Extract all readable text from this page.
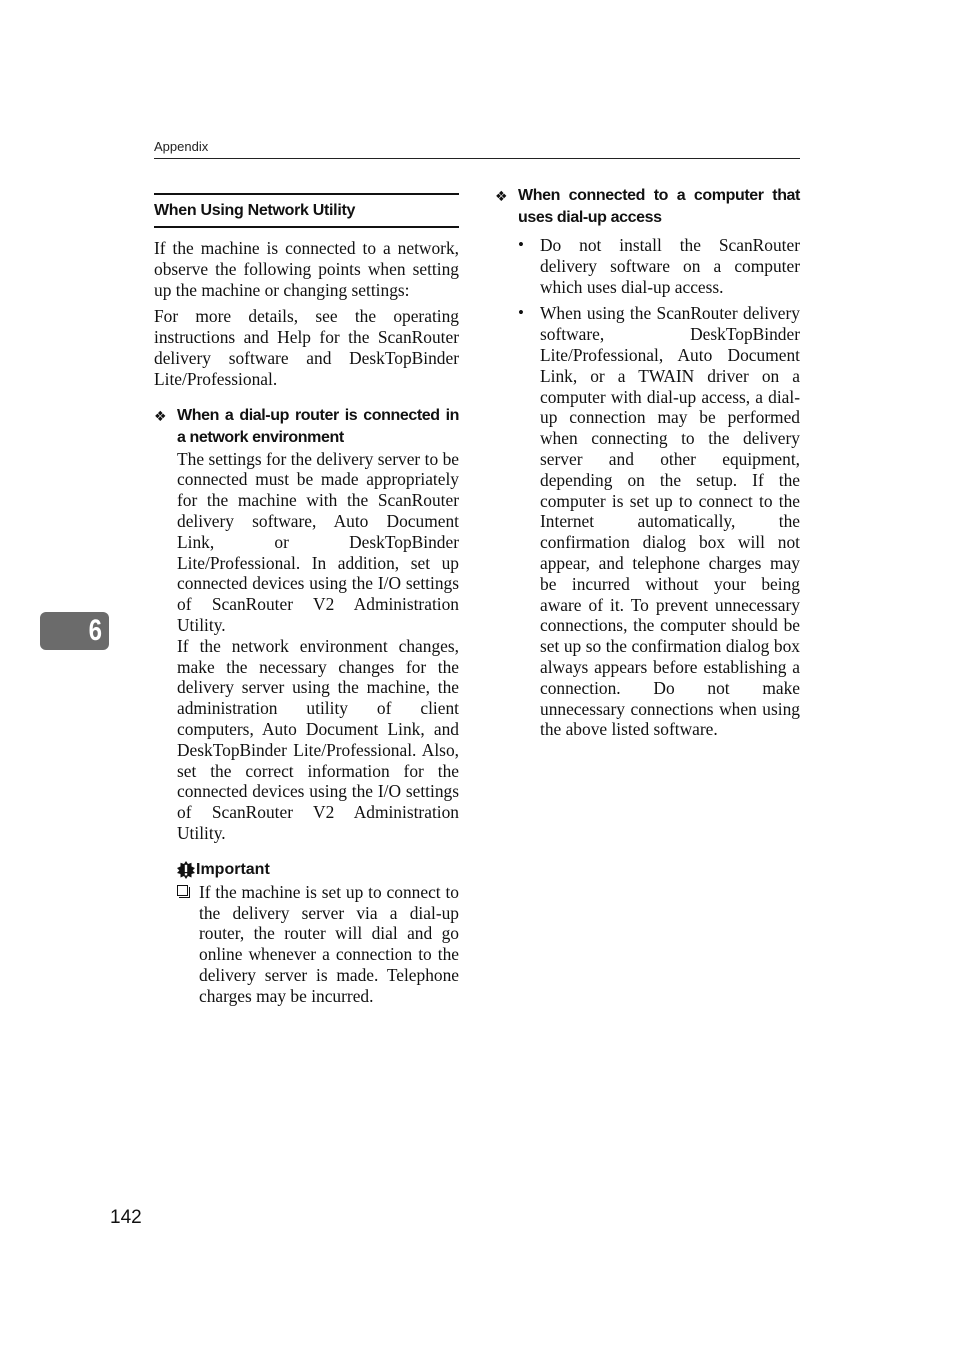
Appendix
When Using Network Utility

If the machine is connected to a network, observe the following points when setting up the machine or changing settings:

For more details, see the operating instructions and Help for the ScanRouter delivery software and DeskTopBinder Lite/Professional.

❖ When a dial-up router is connected in a network environment

The settings for the delivery server to be connected must be made appropriately for the machine with the ScanRouter delivery software, Auto Document Link, or DeskTopBinder Lite/Professional. In addition, set up connected devices using the I/O settings of ScanRouter V2 Administration Utility.

If the network environment changes, make the necessary changes for the delivery server using the machine, the administration utility of client computers, Auto Document Link, and DeskTopBinder Lite/Professional. Also, set the correct information for the connected devices using the I/O settings of ScanRouter V2 Administration Utility.

Important

If the machine is set up to connect to the delivery server via a dial-up router, the router will dial and go online whenever a connection to the delivery server is made. Telephone charges may be incurred.

❖ When connected to a computer that uses dial-up access
• Do not install the ScanRouter delivery software on a computer which uses dial-up access.

• When using the ScanRouter delivery software, DeskTopBinder Lite/Professional, Auto Document Link, or a TWAIN driver on a computer with dial-up access, a dial-up connection may be performed when connecting to the delivery server and other equipment, depending on the setup. If the computer is set up to connect to the Internet automatically, the confirmation dialog box will not appear, and telephone charges may be incurred without your being aware of it. To prevent unnecessary connections, the computer should be set up so the confirmation dialog box always appears before establishing a connection. Do not make unnecessary connections when using the above listed software.

6
142
